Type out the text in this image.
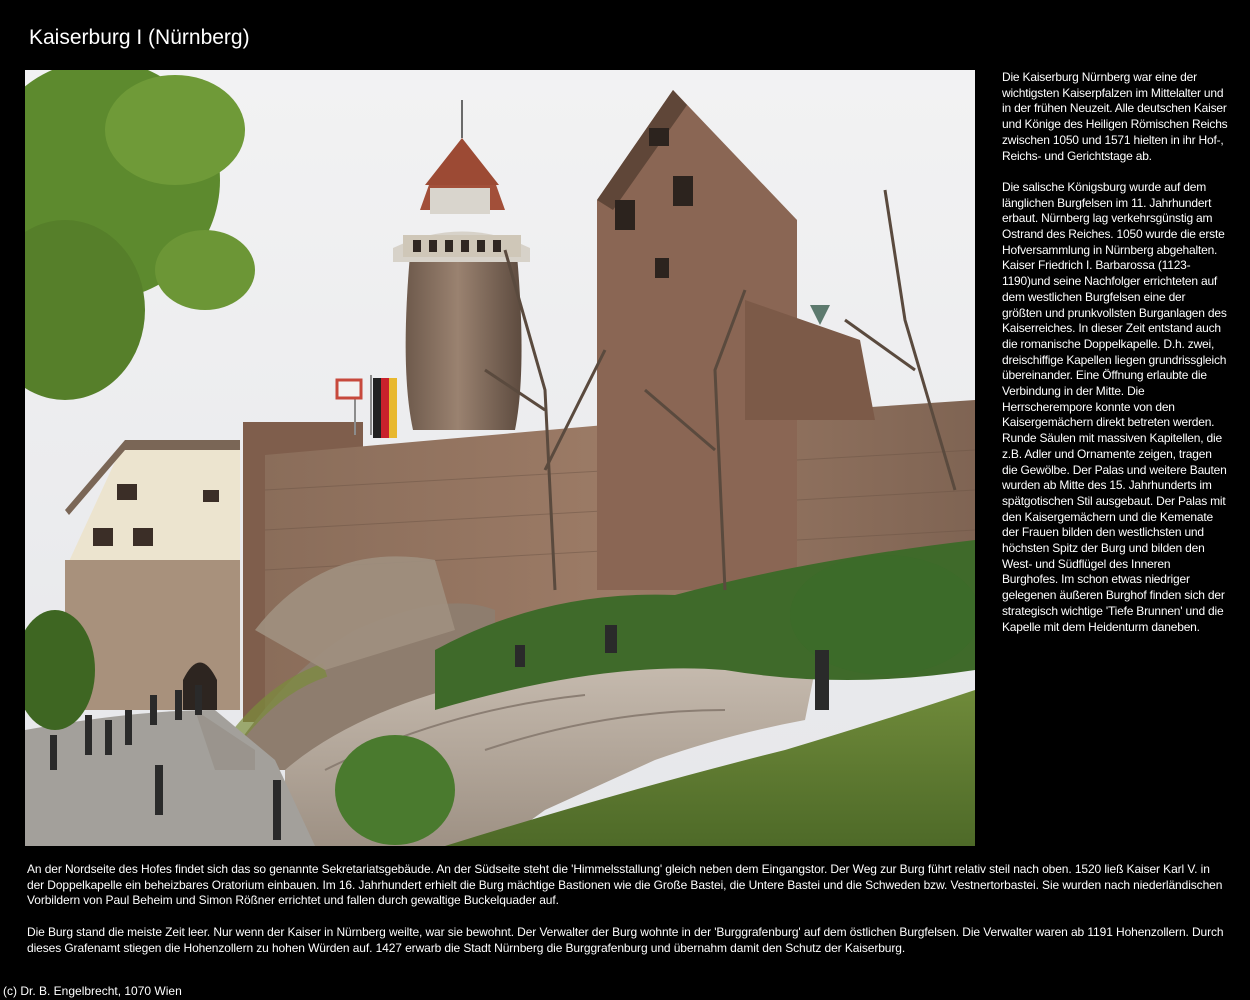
Kaiserburg I (Nürnberg)

Die Kaiserburg Nürnberg war eine der wichtigsten Kaiserpfalzen im Mittelalter und in der frühen Neuzeit. Alle deutschen Kaiser und Könige des Heiligen Römischen Reichs zwischen 1050 und 1571 hielten in ihr Hof-, Reichs- und Gerichtstage ab.

Die salische Königsburg wurde auf dem länglichen Burgfelsen im 11. Jahrhundert erbaut. Nürnberg lag verkehrsgünstig am Ostrand des Reiches. 1050 wurde die erste Hofversammlung in Nürnberg abgehalten. Kaiser Friedrich I. Barbarossa (1123-1190)und seine Nachfolger errichteten auf dem westlichen Burgfelsen eine der größten und prunkvollsten Burganlagen des Kaiserreiches. In dieser Zeit entstand auch die romanische Doppelkapelle. D.h. zwei, dreischiffige Kapellen liegen grundrissgleich übereinander. Eine Öffnung erlaubte die Verbindung in der Mitte. Die Herrscherempore konnte von den Kaisergemächern direkt betreten werden. Runde Säulen mit massiven Kapitellen, die z.B. Adler und Ornamente zeigen, tragen die Gewölbe. Der Palas und weitere Bauten wurden ab Mitte des 15. Jahrhunderts im spätgotischen Stil ausgebaut. Der Palas mit den Kaisergemächern und die Kemenate der Frauen bilden den westlichsten und höchsten Spitz der Burg und bilden den West- und Südflügel des Inneren Burghofes. Im schon etwas niedriger gelegenen äußeren Burghof finden sich der strategisch wichtige 'Tiefe Brunnen' und die Kapelle mit dem Heidenturm daneben.

An der Nordseite des Hofes findet sich das so genannte Sekretariatsgebäude. An der Südseite steht die 'Himmelsstallung' gleich neben dem Eingangstor. Der Weg zur Burg führt relativ steil nach oben. 1520 ließ Kaiser Karl V. in der Doppelkapelle ein beheizbares Oratorium einbauen. Im 16. Jahrhundert erhielt die Burg mächtige Bastionen wie die Große Bastei, die Untere Bastei und die Schweden bzw. Vestnertorbastei. Sie wurden nach niederländischen Vorbildern von Paul Beheim und Simon Rößner errichtet und fallen durch gewaltige Buckelquader auf.

Die Burg stand die meiste Zeit leer. Nur wenn der Kaiser in Nürnberg weilte, war sie bewohnt. Der Verwalter der Burg wohnte in der 'Burggrafenburg' auf dem östlichen Burgfelsen. Die Verwalter waren ab 1191 Hohenzollern. Durch dieses Grafenamt stiegen die Hohenzollern zu hohen Würden auf. 1427 erwarb die Stadt Nürnberg die Burggrafenburg und übernahm damit den Schutz der Kaiserburg.

(c) Dr. B. Engelbrecht, 1070 Wien
